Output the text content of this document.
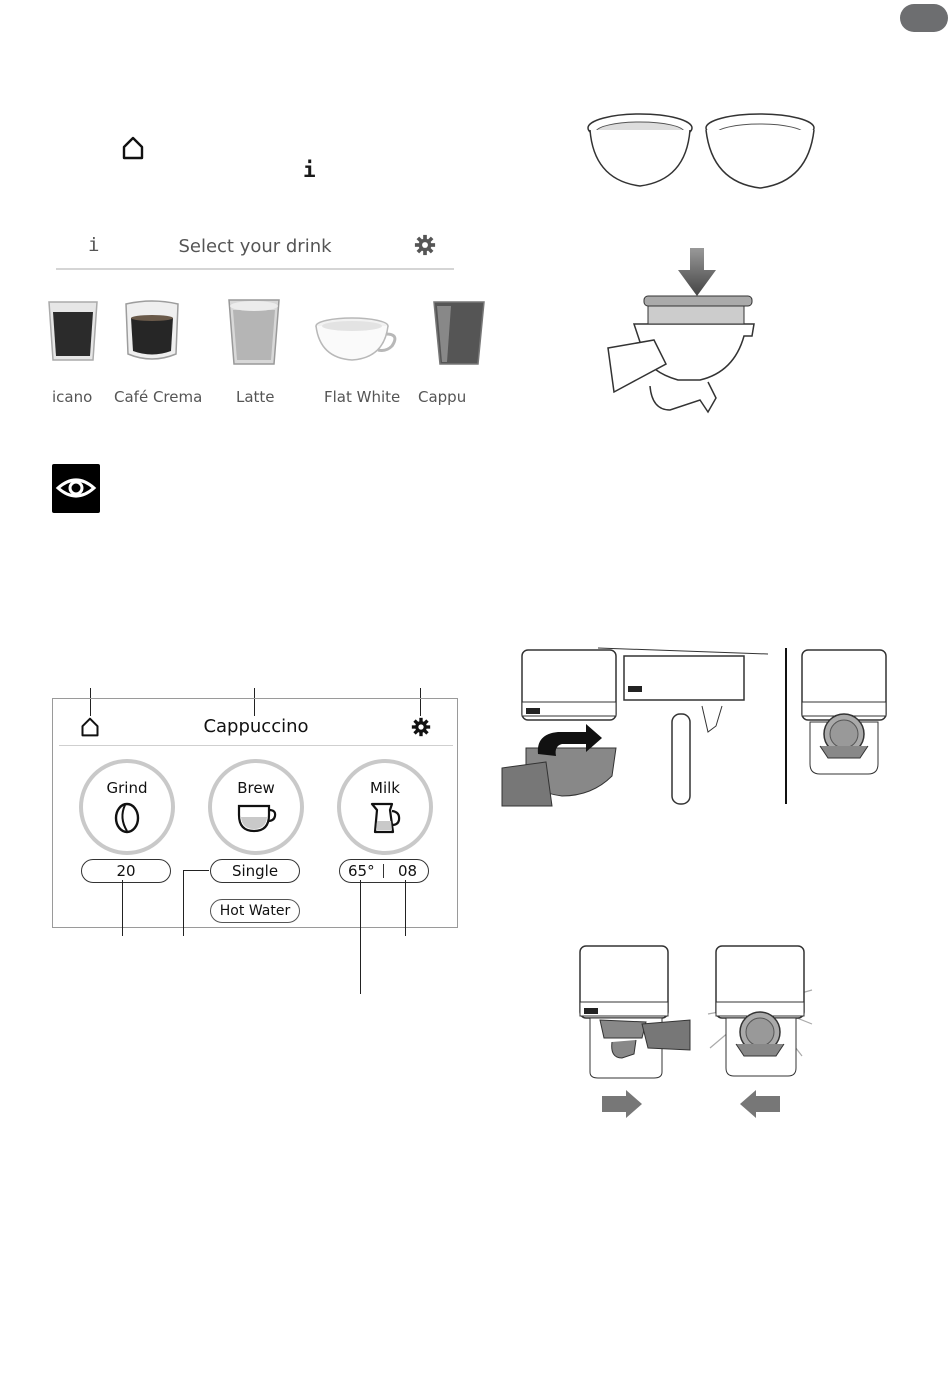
i
i	Select your drink
icano Café Crema Latte	Flat White Cappu
Cappuccino
Grind	Brew	Milk
20	Single	65° 08
Hot Water
